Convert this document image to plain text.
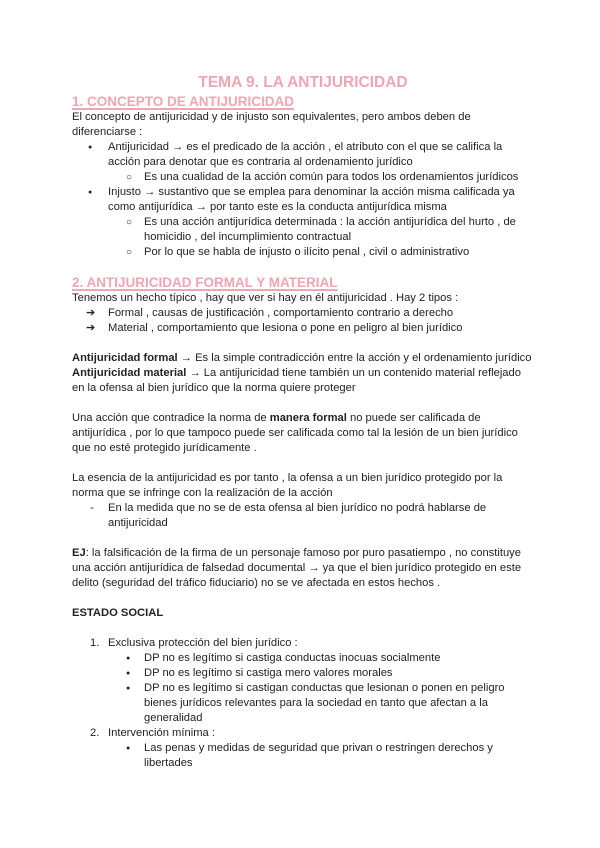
TEMA 9. LA ANTIJURICIDAD
1. CONCEPTO DE ANTIJURICIDAD

El concepto de antijuricidad y de injusto son equivalentes, pero ambos deben de diferenciarse :

●
Antijuricidad → es el predicado de la acción , el atributo con el que se califica la acción para denotar que es contraria al ordenamiento jurídico
○
Es una cualidad de la acción común para todos los ordenamientos jurídicos
●
Injusto → sustantivo que se emplea para denominar la acción misma calificada ya como antijurídica → por tanto este es la conducta antijurídica misma
○
Es una acción antijurídica determinada : la acción antijurídica del hurto , de homicidio , del incumplimiento contractual
○
Por lo que se habla de injusto o ilícito penal , civil o administrativo
2. ANTIJURICIDAD FORMAL Y MATERIAL

Tenemos un hecho típico , hay que ver si hay en él antijuricidad . Hay 2 tipos :

➔	Formal , causas de justificación , comportamiento contrario a derecho
➔	Material , comportamiento que lesiona o pone en peligro al bien jurídico

Antijuricidad formal → Es la simple contradicción entre la acción y el ordenamiento jurídico

Antijuricidad material → La antijuricidad tiene también un un contenido material reflejado en la ofensa al bien jurídico que la norma quiere proteger

Una acción que contradice la norma de manera formal no puede ser calificada de antijurídica , por lo que tampoco puede ser calificada como tal la lesión de un bien jurídico que no esté protegido jurídicamente .

La esencia de la antijuricidad es por tanto , la ofensa a un bien jurídico protegido por la norma que se infringe con la realización de la acción

-	En la medida que no se de esta ofensa al bien jurídico no podrá hablarse de antijuricidad

EJ: la falsificación de la firma de un personaje famoso por puro pasatiempo , no constituye una acción antijurídica de falsedad documental → ya que el bien jurídico protegido en este delito (seguridad del tráfico fiduciario) no se ve afectada en estos hechos .

ESTADO SOCIAL

1. Exclusiva protección del bien jurídico :
●
DP no es legítimo si castiga conductas inocuas socialmente
●
DP no es legítimo si castiga mero valores morales
●
DP no es legítimo si castigan conductas que lesionan o ponen en peligro bienes jurídicos relevantes para la sociedad en tanto que afectan a la generalidad
2. Intervención mínima :
●
Las penas y medidas de seguridad que privan o restringen derechos y libertades
